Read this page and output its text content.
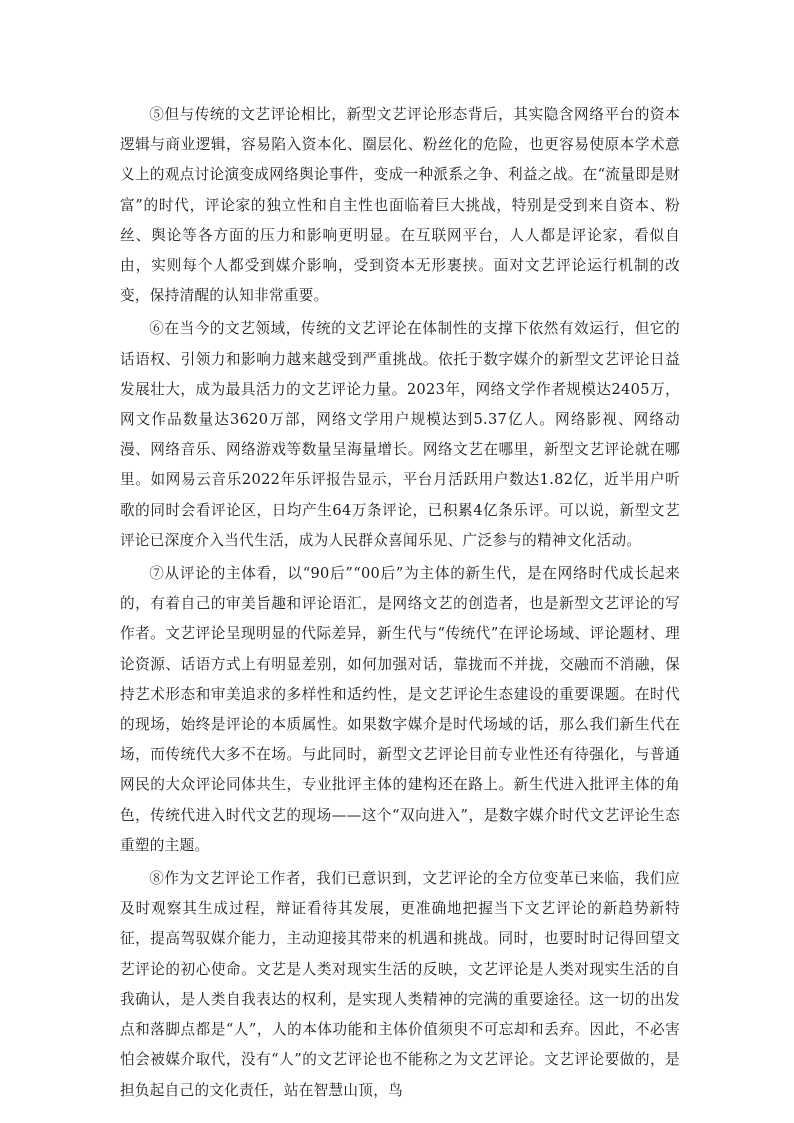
⑤但与传统的文艺评论相比，新型文艺评论形态背后，其实隐含网络平台的资本逻辑与商业逻辑，容易陷入资本化、圈层化、粉丝化的危险，也更容易使原本学术意义上的观点讨论演变成网络舆论事件，变成一种派系之争、利益之战。在“流量即是财富”的时代，评论家的独立性和自主性也面临着巨大挑战，特别是受到来自资本、粉丝、舆论等各方面的压力和影响更明显。在互联网平台，人人都是评论家，看似自由，实则每个人都受到媒介影响，受到资本无形裹挟。面对文艺评论运行机制的改变，保持清醒的认知非常重要。

⑥在当今的文艺领域，传统的文艺评论在体制性的支撑下依然有效运行，但它的话语权、引领力和影响力越来越受到严重挑战。依托于数字媒介的新型文艺评论日益发展壮大，成为最具活力的文艺评论力量。2023年，网络文学作者规模达2405万，网文作品数量达3620万部，网络文学用户规模达到5.37亿人。网络影视、网络动漫、网络音乐、网络游戏等数量呈海量增长。网络文艺在哪里，新型文艺评论就在哪里。如网易云音乐2022年乐评报告显示，平台月活跃用户数达1.82亿，近半用户听歌的同时会看评论区，日均产生64万条评论，已积累4亿条乐评。可以说，新型文艺评论已深度介入当代生活，成为人民群众喜闻乐见、广泛参与的精神文化活动。

⑦从评论的主体看，以“90后”“00后”为主体的新生代，是在网络时代成长起来的，有着自己的审美旨趣和评论语汇，是网络文艺的创造者，也是新型文艺评论的写作者。文艺评论呈现明显的代际差异，新生代与“传统代”在评论场域、评论题材、理论资源、话语方式上有明显差别，如何加强对话，靠拢而不并拢，交融而不消融，保持艺术形态和审美追求的多样性和适约性，是文艺评论生态建设的重要课题。在时代的现场，始终是评论的本质属性。如果数字媒介是时代场域的话，那么我们新生代在场，而传统代大多不在场。与此同时，新型文艺评论目前专业性还有待强化，与普通网民的大众评论同体共生，专业批评主体的建构还在路上。新生代进入批评主体的角色，传统代进入时代文艺的现场——这个“双向进入”，是数字媒介时代文艺评论生态重塑的主题。

⑧作为文艺评论工作者，我们已意识到，文艺评论的全方位变革已来临，我们应及时观察其生成过程，辩证看待其发展，更准确地把握当下文艺评论的新趋势新特征，提高驾驭媒介能力，主动迎接其带来的机遇和挑战。同时，也要时时记得回望文艺评论的初心使命。文艺是人类对现实生活的反映，文艺评论是人类对现实生活的自我确认，是人类自我表达的权利，是实现人类精神的完满的重要途径。这一切的出发点和落脚点都是“人”，人的本体功能和主体价值须臾不可忘却和丢弃。因此，不必害怕会被媒介取代，没有“人”的文艺评论也不能称之为文艺评论。文艺评论要做的，是担负起自己的文化责任，站在智慧山顶，鸟
